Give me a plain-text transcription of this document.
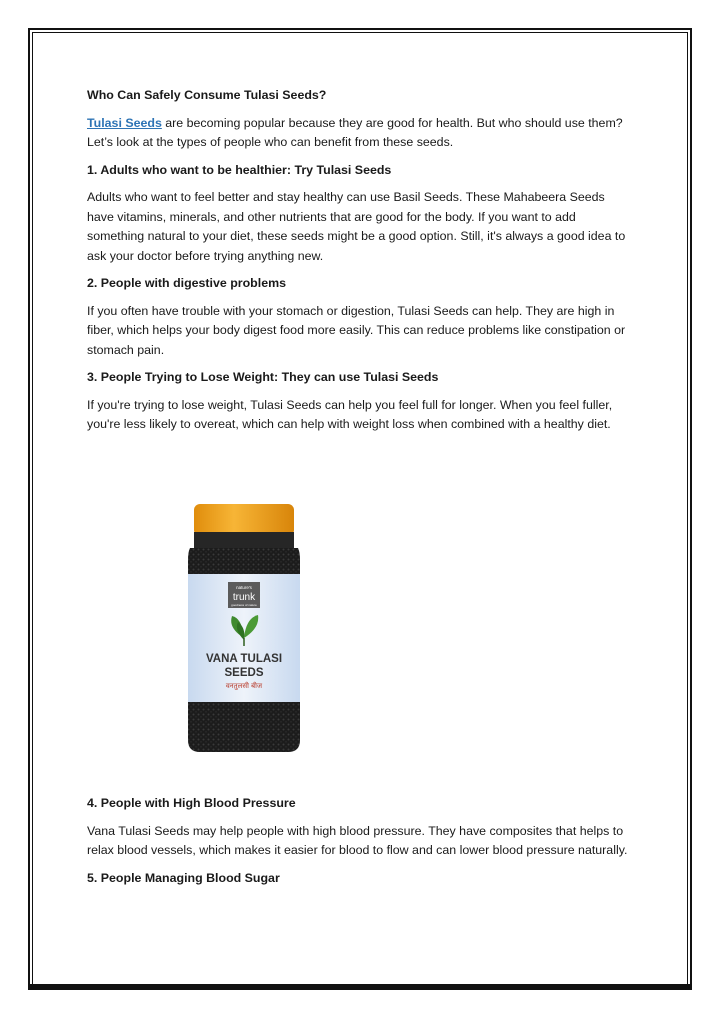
Who Can Safely Consume Tulasi Seeds?

Tulasi Seeds are becoming popular because they are good for health. But who should use them? Let’s look at the types of people who can benefit from these seeds.

1. Adults who want to be healthier: Try Tulasi Seeds

Adults who want to feel better and stay healthy can use Basil Seeds. These Mahabeera Seeds have vitamins, minerals, and other nutrients that are good for the body. If you want to add something natural to your diet, these seeds might be a good option. Still, it's always a good idea to ask your doctor before trying anything new.

2. People with digestive problems

If you often have trouble with your stomach or digestion, Tulasi Seeds can help. They are high in fiber, which helps your body digest food more easily. This can reduce problems like constipation or stomach pain.

3. People Trying to Lose Weight: They can use Tulasi Seeds

If you're trying to lose weight, Tulasi Seeds can help you feel full for longer. When you feel fuller, you're less likely to overeat, which can help with weight loss when combined with a healthy diet.

nature's
trunk
goodness of nature
VANA TULASI
SEEDS
वनतुलसी बीज
4. People with High Blood Pressure

Vana Tulasi Seeds may help people with high blood pressure. They have composites that helps to relax blood vessels, which makes it easier for blood to flow and can lower blood pressure naturally.

5. People Managing Blood Sugar
